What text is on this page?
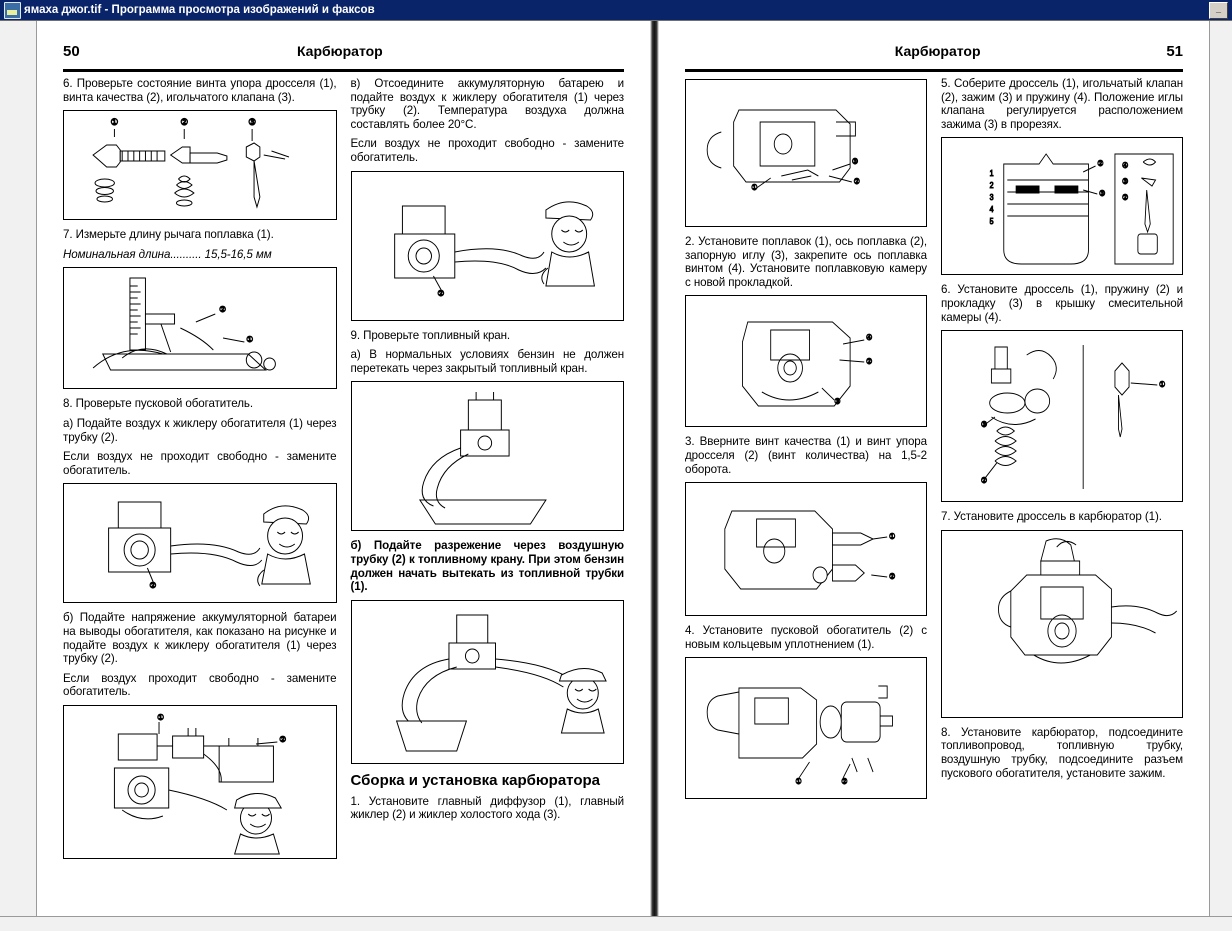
ямаха джог.tif - Программа просмотра изображений и факсов	_
50	Карбюратор

6. Проверьте состояние винта упора дросселя (1), винта качества (2), игольчатого клапана (3).

①	②	③

7. Измерьте длину рычага поплавка (1).

Номинальная длина.......... 15,5-16,5 мм

②
①

8. Проверьте пусковой обогатитель.

а) Подайте воздух к жиклеру обогатителя (1) через трубку (2).

Если воздух не проходит свободно - замените обогатитель.

②

б) Подайте напряжение аккумуляторной батареи на выводы обогатителя, как показано на рисунке и подайте воздух к жиклеру обогатителя (1) через трубку (2).

Если воздух проходит свободно - замените обогатитель.

①
②

в) Отсоедините аккумуляторную батарею и подайте воздух к жиклеру обогатителя (1) через трубку (2). Температура воздуха должна составлять более 20°С.

Если воздух не проходит свободно - замените обогатитель.

②

9. Проверьте топливный кран.

а) В нормальных условиях бензин не должен перетекать через закрытый топливный кран.

б) Подайте разрежение через воздушную трубку (2) к топливному крану. При этом бензин должен начать вытекать из топливной трубки (1).

Сборка и установка карбюратора

1. Установите главный диффузор (1), главный жиклер (2) и жиклер холостого хода (3).

Карбюратор	51
③
②
①

2. Установите поплавок (1), ось поплавка (2), запорную иглу (3), закрепите ось поплавка винтом (4). Установите поплавковую камеру с новой прокладкой.

④
②
③

3. Вверните винт качества (1) и винт упора дросселя (2) (винт количества) на 1,5-2 оборота.

①
②

4. Установите пусковой обогатитель (2) с новым кольцевым уплотнением (1).

①	②

5. Соберите дроссель (1), игольчатый клапан (2), зажим (3) и пружину (4). Положение иглы клапана регулируется расположением зажима (3) в прорезях.

1
2
3
4
5
②
③
④
③
②

6. Установите дроссель (1), пружину (2) и прокладку (3) в крышку смесительной камеры (4).

①
③
②

7. Установите дроссель в карбюратор (1).

8. Установите карбюратор, подсоедините топливопровод, топливную трубку, воздушную трубку, подсоедините разъем пускового обогатителя, установите зажим.
